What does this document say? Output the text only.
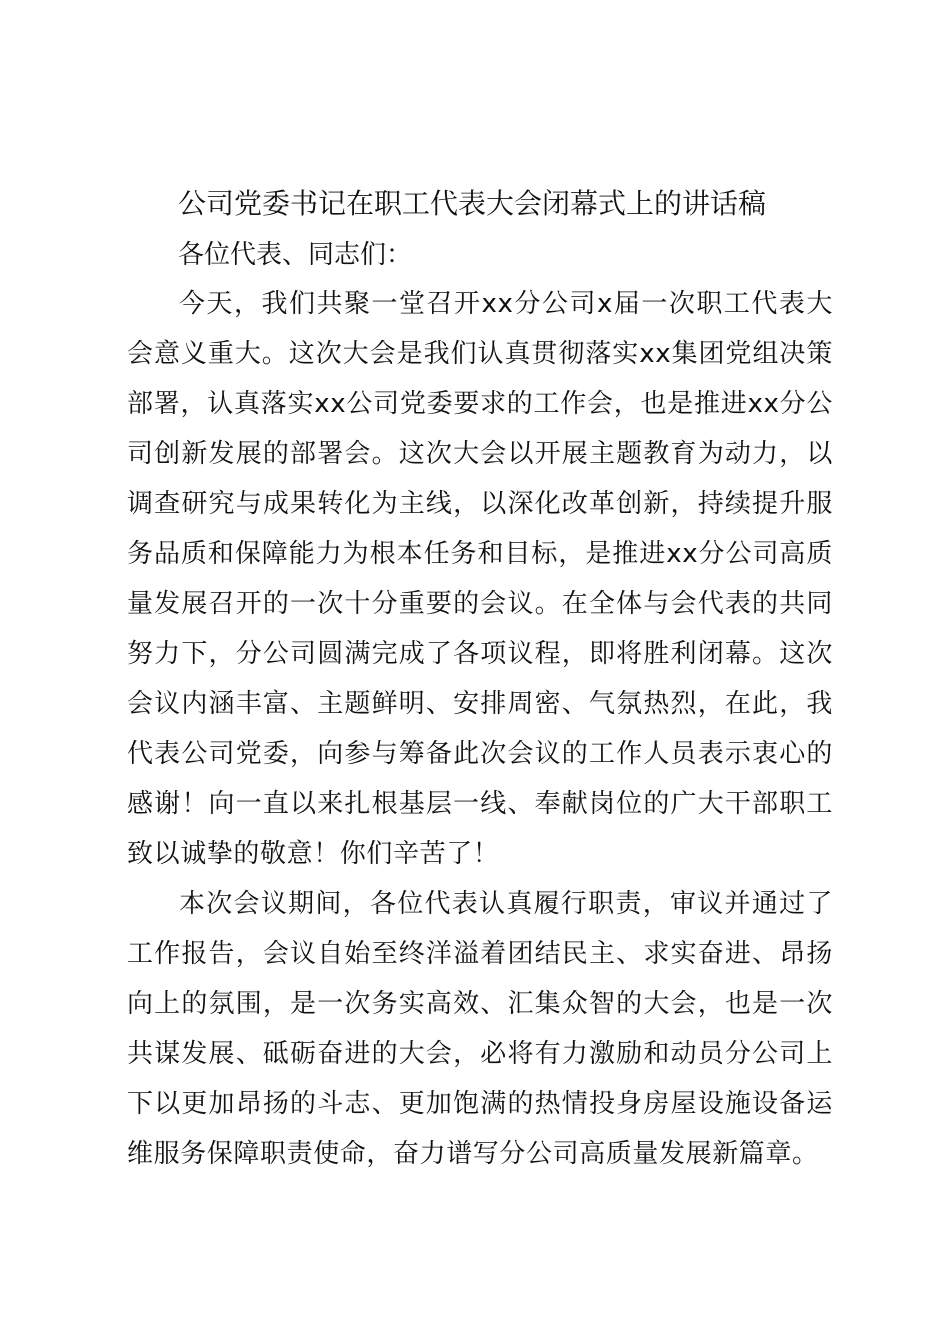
公司党委书记在职工代表大会闭幕式上的讲话稿

各位代表、同志们：

今天，我们共聚一堂召开xx分公司x届一次职工代表大会意义重大。这次大会是我们认真贯彻落实xx集团党组决策部署，认真落实xx公司党委要求的工作会，也是推进xx分公司创新发展的部署会。这次大会以开展主题教育为动力，以调查研究与成果转化为主线，以深化改革创新，持续提升服务品质和保障能力为根本任务和目标，是推进xx分公司高质量发展召开的一次十分重要的会议。在全体与会代表的共同努力下，分公司圆满完成了各项议程，即将胜利闭幕。这次会议内涵丰富、主题鲜明、安排周密、气氛热烈，在此，我代表公司党委，向参与筹备此次会议的工作人员表示衷心的感谢！向一直以来扎根基层一线、奉献岗位的广大干部职工致以诚挚的敬意！你们辛苦了！

本次会议期间，各位代表认真履行职责，审议并通过了工作报告，会议自始至终洋溢着团结民主、求实奋进、昂扬向上的氛围，是一次务实高效、汇集众智的大会，也是一次共谋发展、砥砺奋进的大会，必将有力激励和动员分公司上下以更加昂扬的斗志、更加饱满的热情投身房屋设施设备运维服务保障职责使命，奋力谱写分公司高质量发展新篇章。
